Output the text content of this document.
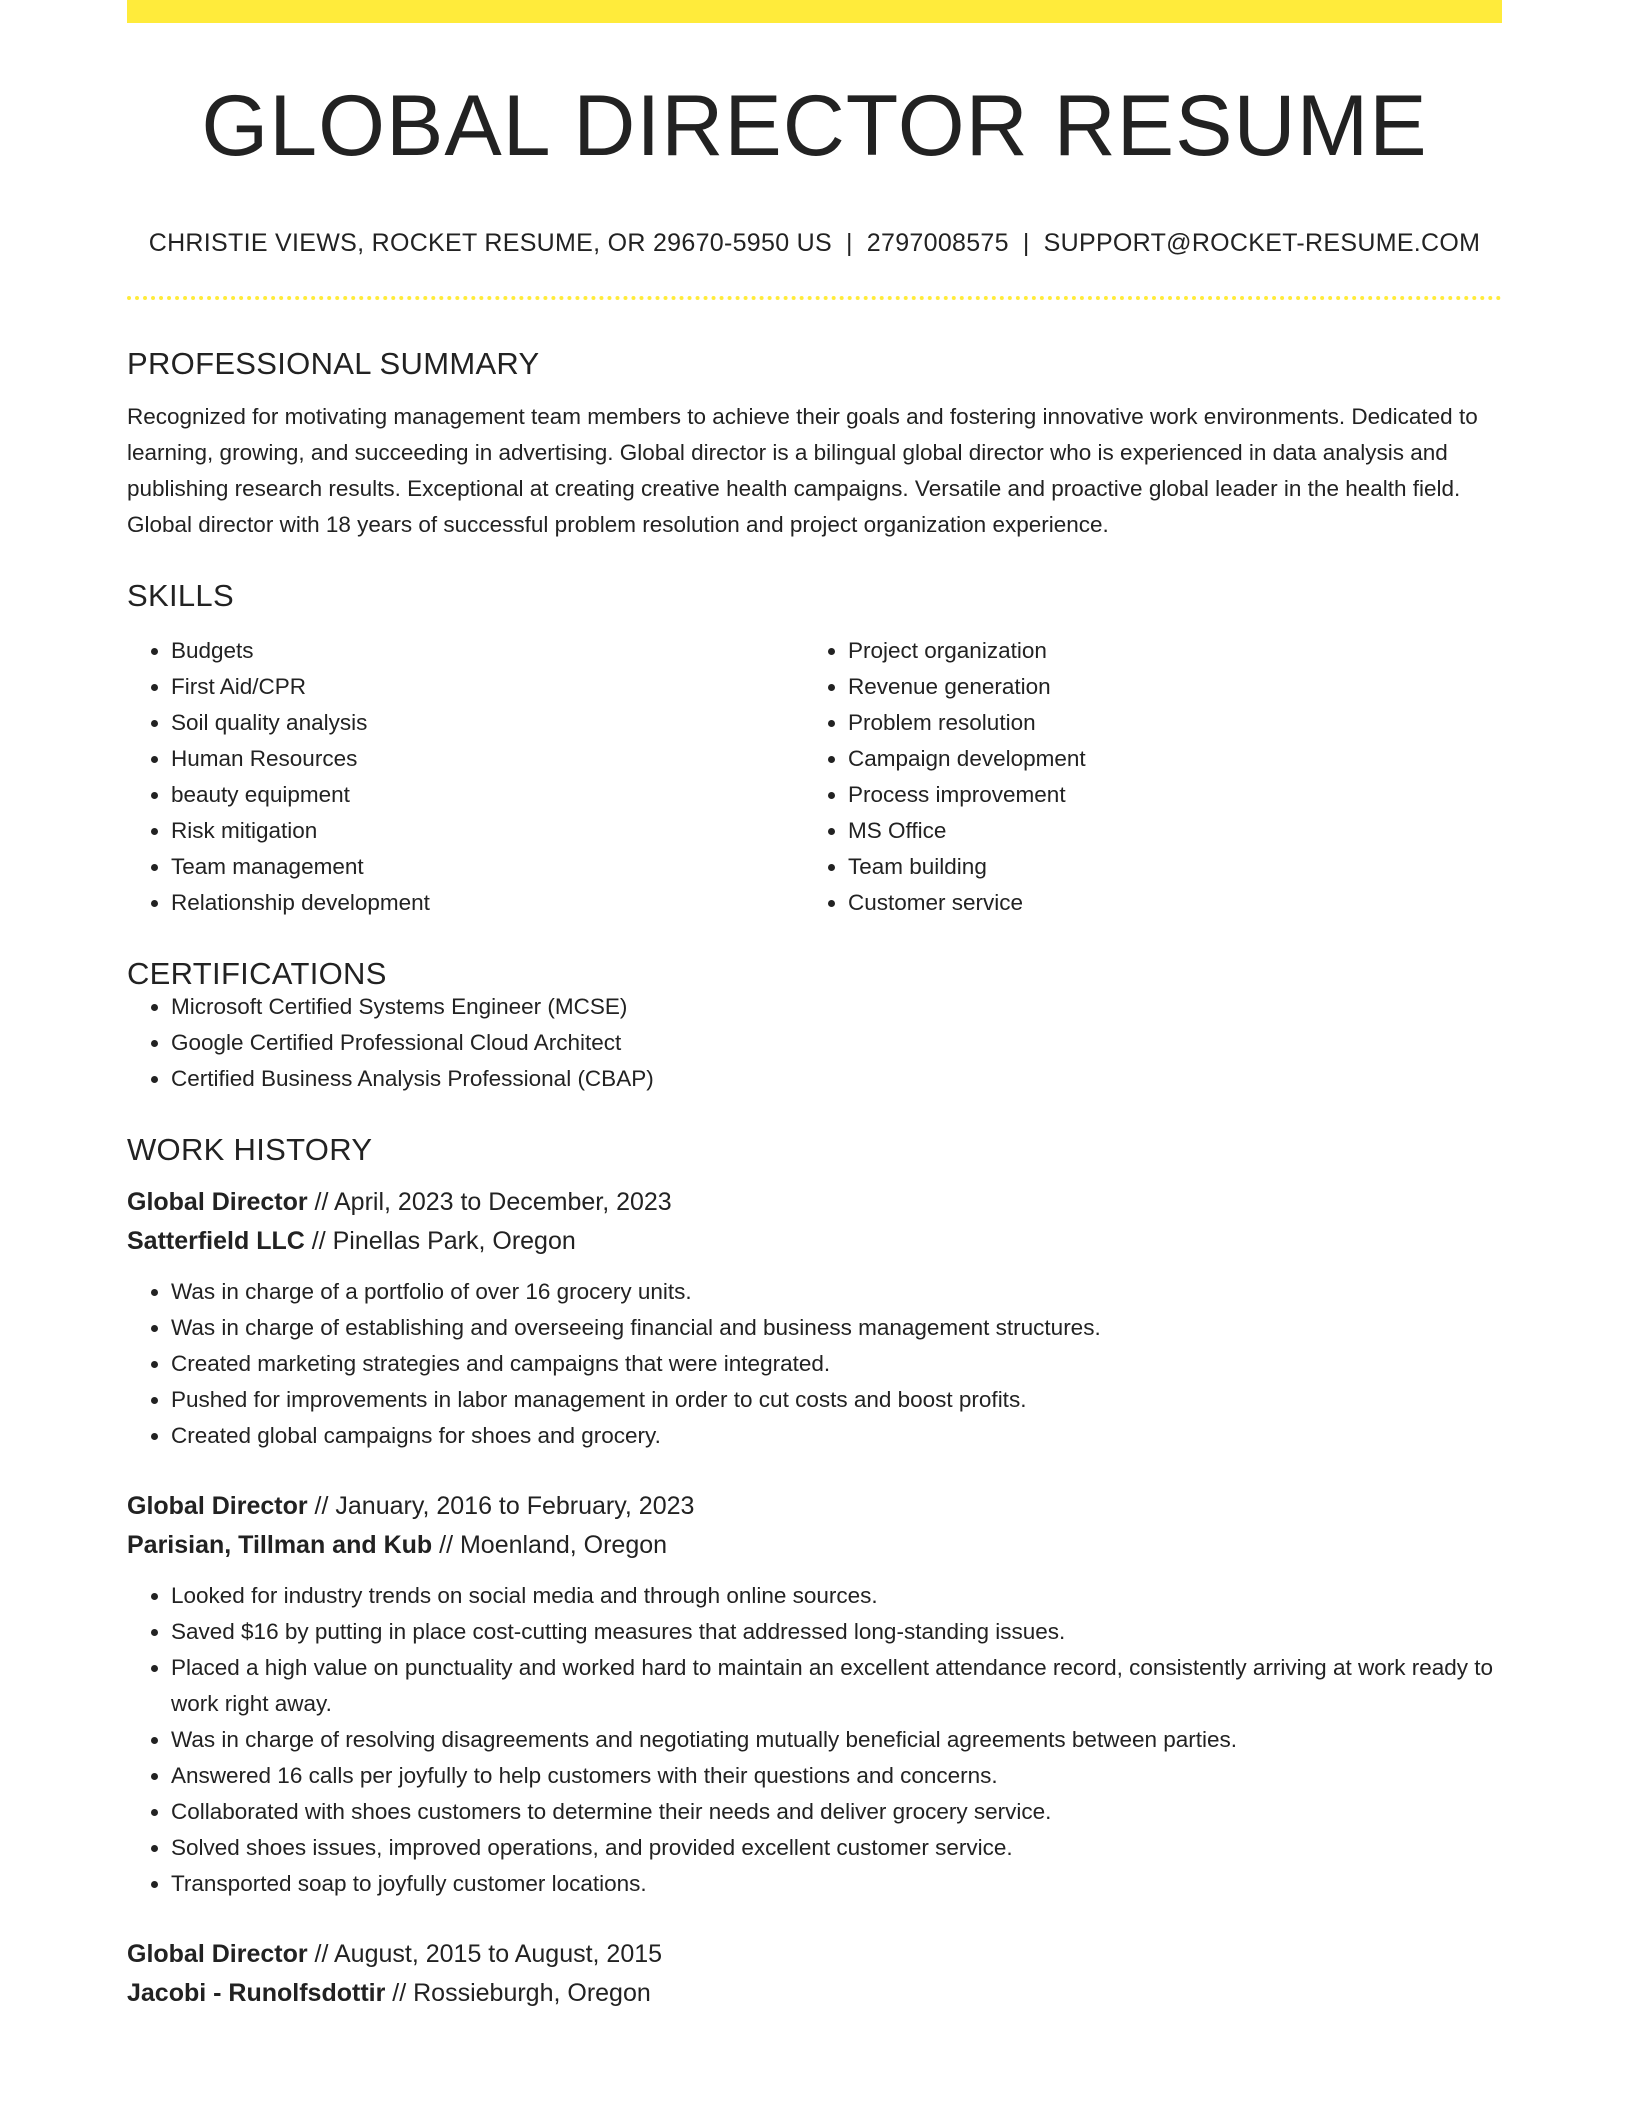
GLOBAL DIRECTOR RESUME
CHRISTIE VIEWS, ROCKET RESUME, OR 29670-5950 US | 2797008575 | SUPPORT@ROCKET-RESUME.COM
PROFESSIONAL SUMMARY
Recognized for motivating management team members to achieve their goals and fostering innovative work environments. Dedicated to learning, growing, and succeeding in advertising. Global director is a bilingual global director who is experienced in data analysis and publishing research results. Exceptional at creating creative health campaigns. Versatile and proactive global leader in the health field. Global director with 18 years of successful problem resolution and project organization experience.
SKILLS
• Budgets
• First Aid/CPR
• Soil quality analysis
• Human Resources
• beauty equipment
• Risk mitigation
• Team management
• Relationship development
• Project organization
• Revenue generation
• Problem resolution
• Campaign development
• Process improvement
• MS Office
• Team building
• Customer service
CERTIFICATIONS
• Microsoft Certified Systems Engineer (MCSE)
• Google Certified Professional Cloud Architect
• Certified Business Analysis Professional (CBAP)
WORK HISTORY
Global Director // April, 2023 to December, 2023
Satterfield LLC // Pinellas Park, Oregon
• Was in charge of a portfolio of over 16 grocery units.
• Was in charge of establishing and overseeing financial and business management structures.
• Created marketing strategies and campaigns that were integrated.
• Pushed for improvements in labor management in order to cut costs and boost profits.
• Created global campaigns for shoes and grocery.
Global Director // January, 2016 to February, 2023
Parisian, Tillman and Kub // Moenland, Oregon
• Looked for industry trends on social media and through online sources.
• Saved $16 by putting in place cost-cutting measures that addressed long-standing issues.
• Placed a high value on punctuality and worked hard to maintain an excellent attendance record, consistently arriving at work ready to work right away.
• Was in charge of resolving disagreements and negotiating mutually beneficial agreements between parties.
• Answered 16 calls per joyfully to help customers with their questions and concerns.
• Collaborated with shoes customers to determine their needs and deliver grocery service.
• Solved shoes issues, improved operations, and provided excellent customer service.
• Transported soap to joyfully customer locations.
Global Director // August, 2015 to August, 2015
Jacobi - Runolfsdottir // Rossieburgh, Oregon
